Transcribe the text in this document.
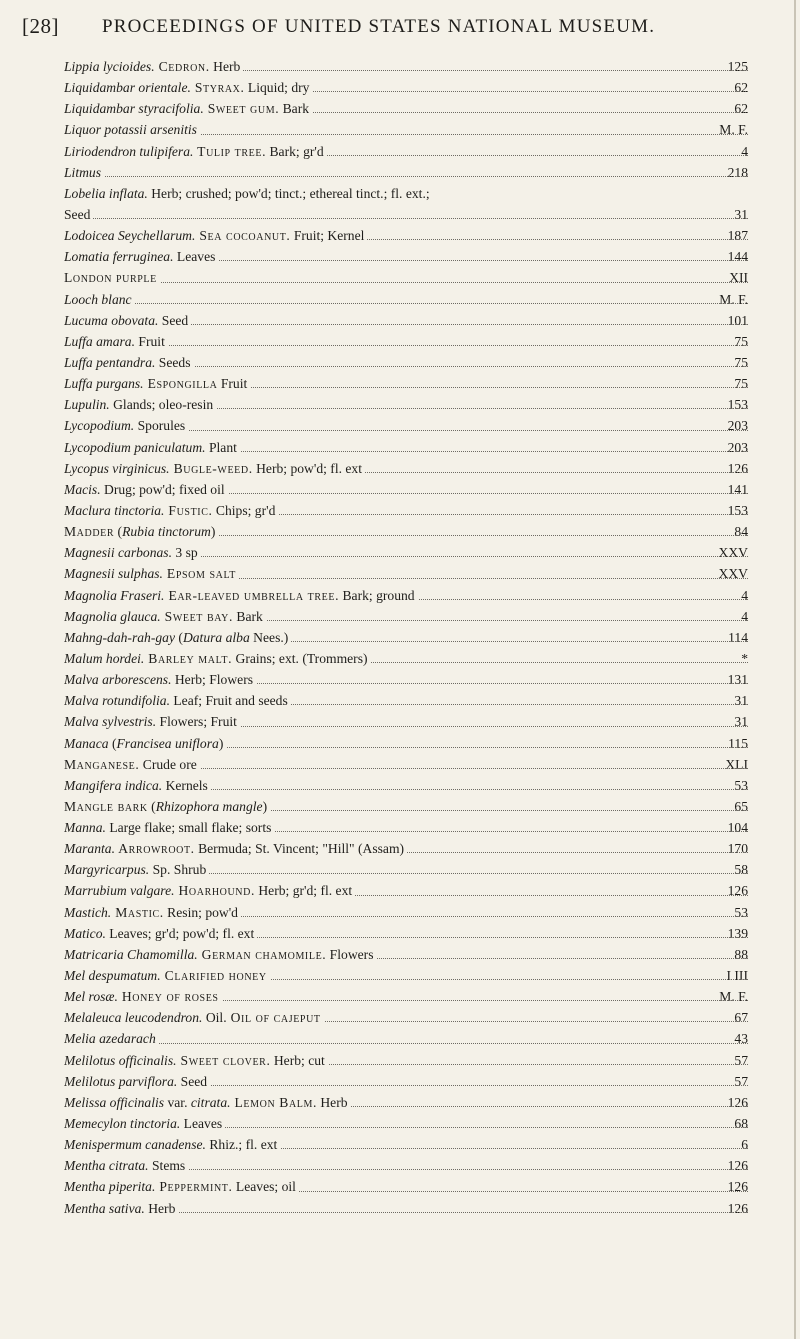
[28] PROCEEDINGS OF UNITED STATES NATIONAL MUSEUM.
Lippia lycioides. Cedron. Herb	125
Liquidambar orientale. Styrax. Liquid; dry	62
Liquidambar styracifolia. Sweet gum. Bark	62
Liquor potassii arsenitis	M. F.
Liriodendron tulipifera. Tulip tree. Bark; gr'd	4
Litmus	218
Lobelia inflata. Herb; crushed; pow'd; tinct.; ethereal tinct.; fl. ext.;
Seed	31
Lodoicea Seychellarum. Sea cocoanut. Fruit; Kernel	187
Lomatia ferruginea. Leaves	144
London purple	XII
Looch blanc	M. F.
Lucuma obovata. Seed	101
Luffa amara. Fruit	75
Luffa pentandra. Seeds	75
Luffa purgans. Espongilla Fruit	75
Lupulin. Glands; oleo-resin	153
Lycopodium. Sporules	203
Lycopodium paniculatum. Plant	203
Lycopus virginicus. Bugle-weed. Herb; pow'd; fl. ext	126
Macis. Drug; pow'd; fixed oil	141
Maclura tinctoria. Fustic. Chips; gr'd	153
Madder (Rubia tinctorum)	84
Magnesii carbonas. 3 sp	XXV
Magnesii sulphas. Epsom salt	XXV
Magnolia Fraseri. Ear-leaved umbrella tree. Bark; ground	4
Magnolia glauca. Sweet bay. Bark	4
Mahng-dah-rah-gay (Datura alba Nees.)	114
Malum hordei. Barley malt. Grains; ext. (Trommers)	*
Malva arborescens. Herb; Flowers	131
Malva rotundifolia. Leaf; Fruit and seeds	31
Malva sylvestris. Flowers; Fruit	31
Manaca (Francisea uniflora)	115
Manganese. Crude ore	XLI
Mangifera indica. Kernels	53
Mangle bark (Rhizophora mangle)	65
Manna. Large flake; small flake; sorts	104
Maranta. Arrowroot. Bermuda; St. Vincent; "Hill" (Assam)	170
Margyricarpus. Sp. Shrub	58
Marrubium valgare. Hoarhound. Herb; gr'd; fl. ext	126
Mastich. Mastic. Resin; pow'd	53
Matico. Leaves; gr'd; pow'd; fl. ext	139
Matricaria Chamomilla. German chamomile. Flowers	88
Mel despumatum. Clarified honey	I III
Mel rosæ. Honey of roses	M. F.
Melaleuca leucodendron. Oil. Oil of cajeput	67
Melia azedarach	43
Melilotus officinalis. Sweet clover. Herb; cut	57
Melilotus parviflora. Seed	57
Melissa officinalis var. citrata. Lemon Balm. Herb	126
Memecylon tinctoria. Leaves	68
Menispermum canadense. Rhiz.; fl. ext	6
Mentha citrata. Stems	126
Mentha piperita. Peppermint. Leaves; oil	126
Mentha sativa. Herb	126
